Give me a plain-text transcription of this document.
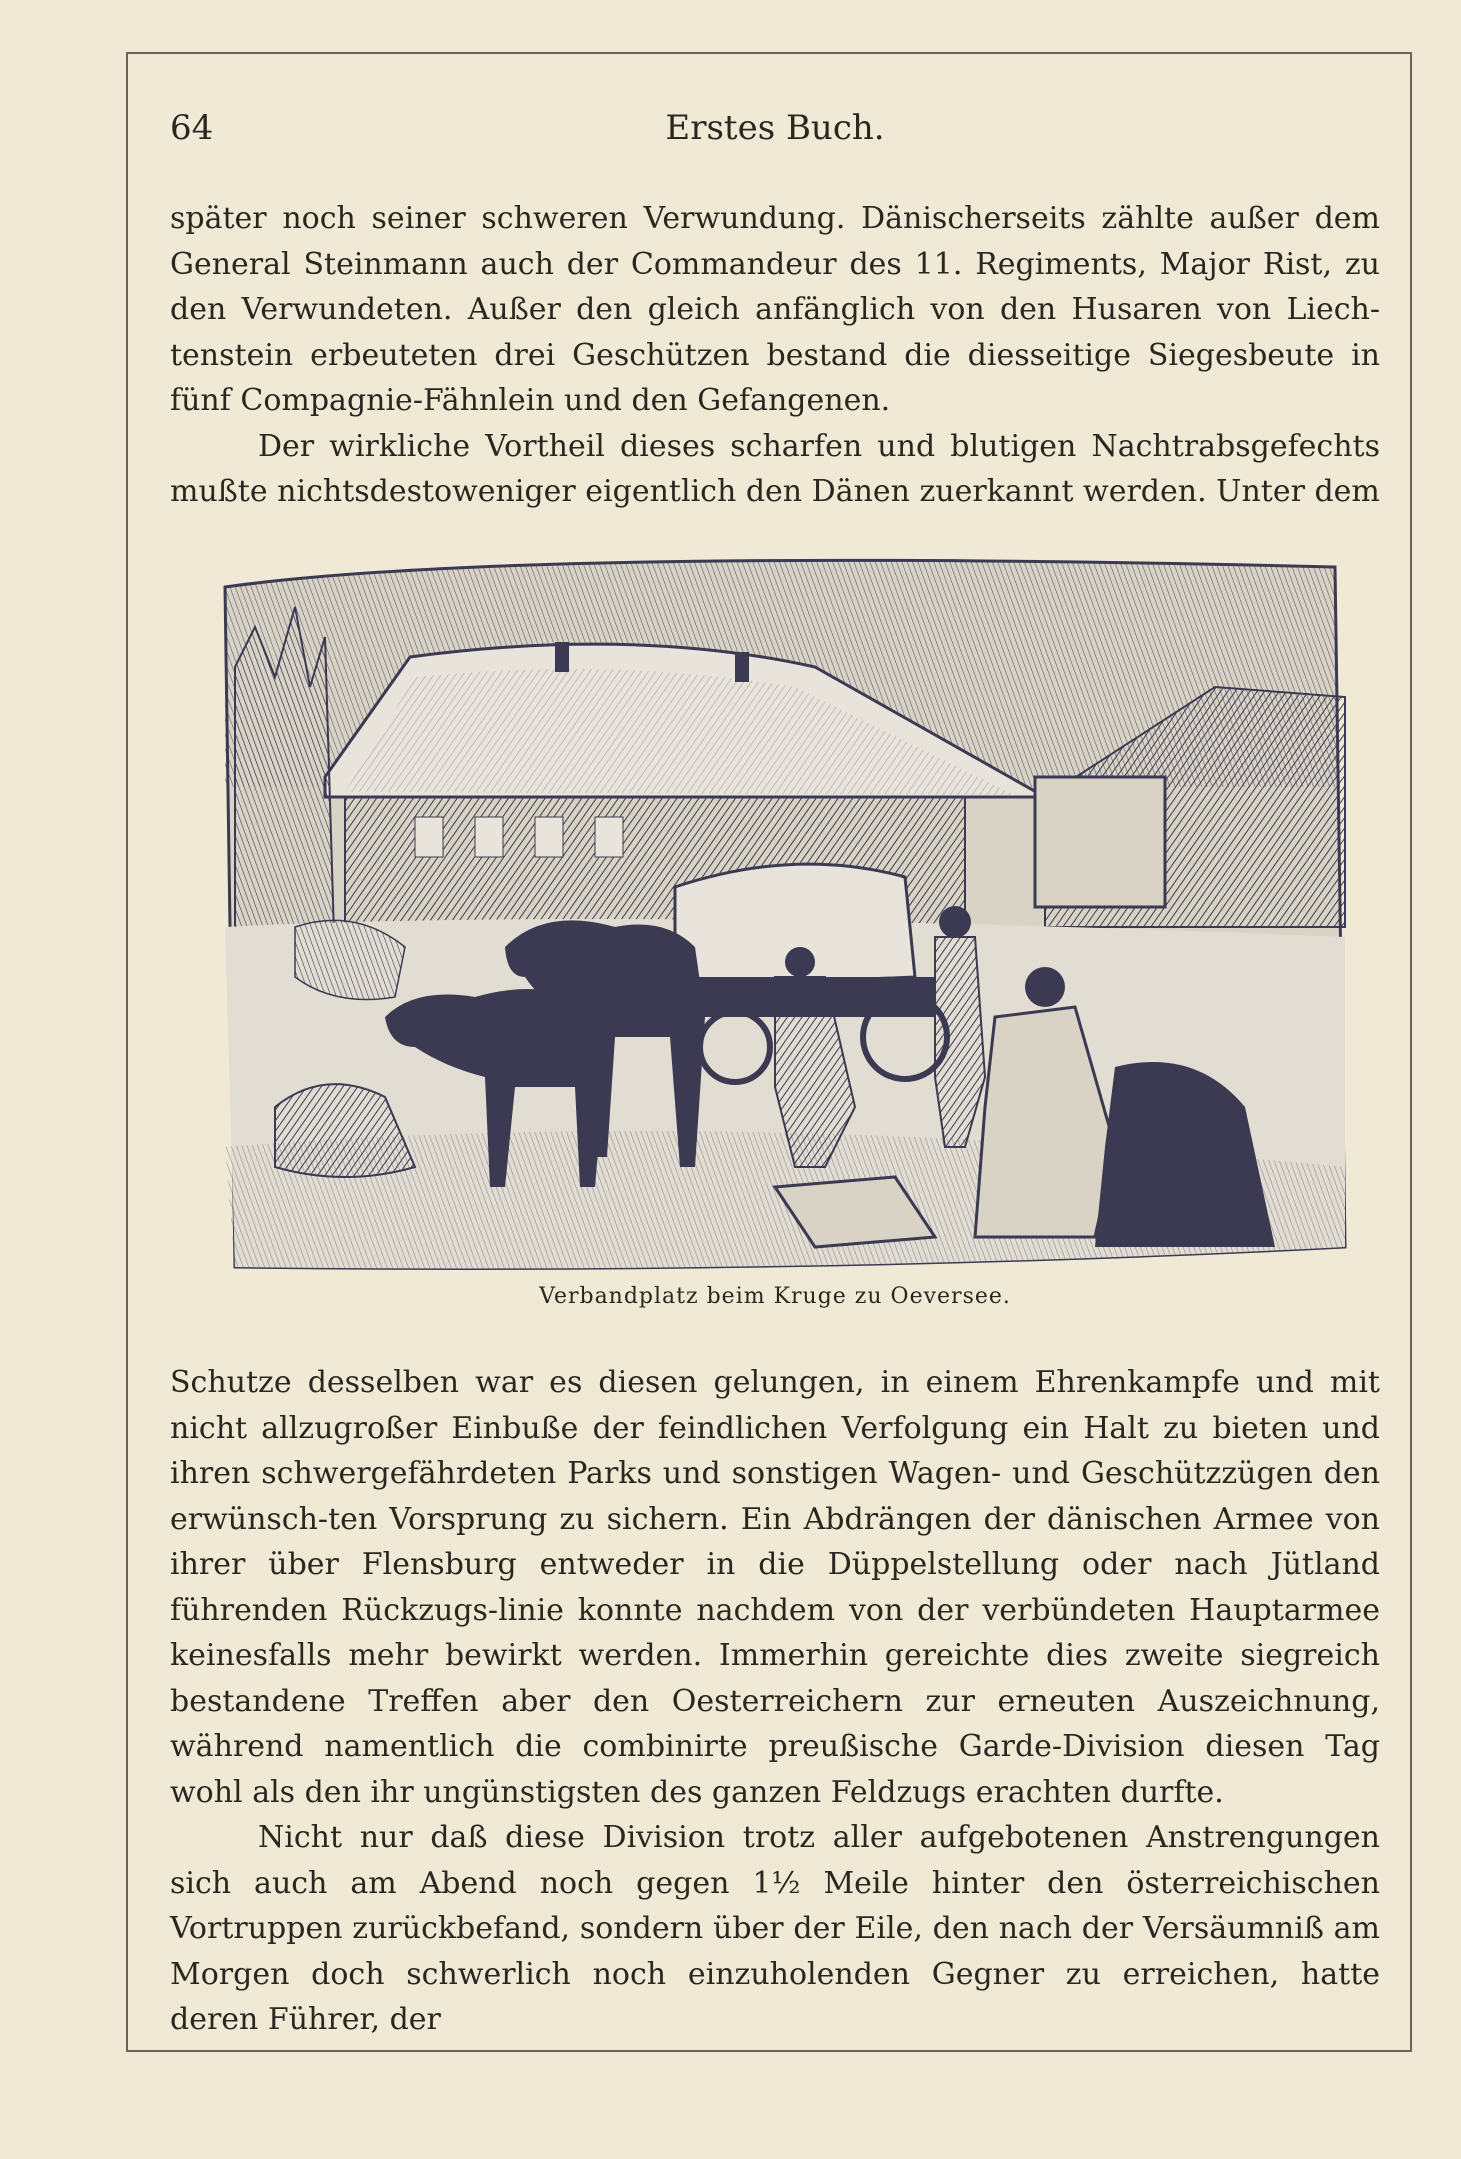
64	Erstes Buch.

später noch seiner schweren Verwundung. Dänischerseits zählte außer dem General Steinmann auch der Commandeur des 11. Regiments, Major Rist, zu den Verwundeten. Außer den gleich anfänglich von den Husaren von Liech-tenstein erbeuteten drei Geschützen bestand die diesseitige Siegesbeute in fünf Compagnie-Fähnlein und den Gefangenen.

Der wirkliche Vortheil dieses scharfen und blutigen Nachtrabsgefechts mußte nichtsdestoweniger eigentlich den Dänen zuerkannt werden. Unter dem

Verbandplatz beim Kruge zu Oeversee.

Schutze desselben war es diesen gelungen, in einem Ehrenkampfe und mit nicht allzugroßer Einbuße der feindlichen Verfolgung ein Halt zu bieten und ihren schwergefährdeten Parks und sonstigen Wagen- und Geschützzügen den erwünsch-ten Vorsprung zu sichern. Ein Abdrängen der dänischen Armee von ihrer über Flensburg entweder in die Düppelstellung oder nach Jütland führenden Rückzugs-linie konnte nachdem von der verbündeten Hauptarmee keinesfalls mehr bewirkt werden. Immerhin gereichte dies zweite siegreich bestandene Treffen aber den Oesterreichern zur erneuten Auszeichnung, während namentlich die combinirte preußische Garde-Division diesen Tag wohl als den ihr ungünstigsten des ganzen Feldzugs erachten durfte.

Nicht nur daß diese Division trotz aller aufgebotenen Anstrengungen sich auch am Abend noch gegen 1½ Meile hinter den österreichischen Vortruppen zurückbefand, sondern über der Eile, den nach der Versäumniß am Morgen doch schwerlich noch einzuholenden Gegner zu erreichen, hatte deren Führer, der
